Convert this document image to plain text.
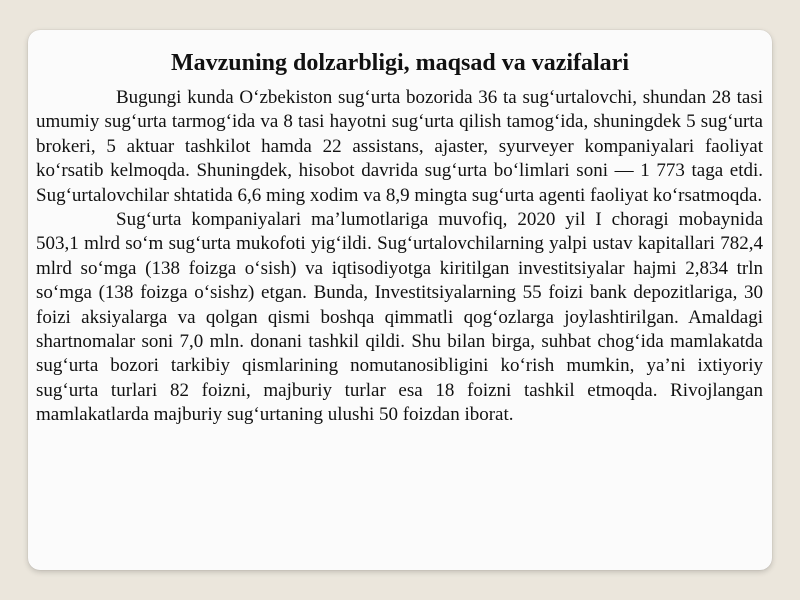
Mavzuning dolzarbligi, maqsad va vazifalari

Bugungi kunda O‘zbekiston sug‘urta bozorida 36 ta sug‘urtalovchi, shundan 28 tasi umumiy sug‘urta tarmog‘ida va 8 tasi hayotni sug‘urta qilish tamog‘ida, shuningdek 5 sug‘urta brokeri, 5 aktuar tashkilot hamda 22 assistans, ajaster, syurveyer kompaniyalari faoliyat ko‘rsatib kelmoqda. Shuningdek, hisobot davrida sug‘urta bo‘limlari soni — 1 773 taga etdi. Sug‘urtalovchilar shtatida 6,6 ming xodim va 8,9 mingta sug‘urta agenti faoliyat ko‘rsatmoqda.

Sug‘urta kompaniyalari ma’lumotlariga muvofiq, 2020 yil I choragi mobaynida 503,1 mlrd so‘m sug‘urta mukofoti yig‘ildi. Sug‘urtalovchilarning yalpi ustav kapitallari 782,4 mlrd so‘mga (138 foizga o‘sish) va iqtisodiyotga kiritilgan investitsiyalar hajmi 2,834 trln so‘mga (138 foizga o‘sishz) etgan. Bunda, Investitsiyalarning 55 foizi bank depozitlariga, 30 foizi aksiyalarga va qolgan qismi boshqa qimmatli qog‘ozlarga joylashtirilgan. Amaldagi shartnomalar soni 7,0 mln. donani tashkil qildi. Shu bilan birga, suhbat chog‘ida mamlakatda sug‘urta bozori tarkibiy qismlarining nomutanosibligini ko‘rish mumkin, ya’ni ixtiyoriy sug‘urta turlari 82 foizni, majburiy turlar esa 18 foizni tashkil etmoqda. Rivojlangan mamlakatlarda majburiy sug‘urtaning ulushi 50 foizdan iborat.
